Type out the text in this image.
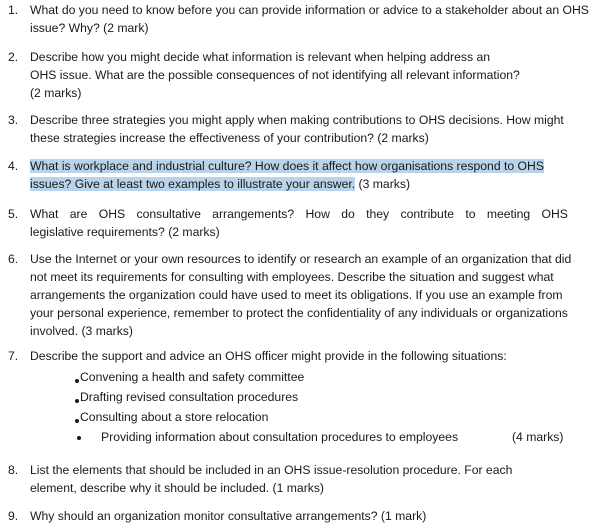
1. What do you need to know before you can provide information or advice to a stakeholder about an OHS
issue? Why? (2 mark)
2. Describe how you might decide what information is relevant when helping address an
OHS issue. What are the possible consequences of not identifying all relevant information?
(2 marks)
3. Describe three strategies you might apply when making contributions to OHS decisions. How might
these strategies increase the effectiveness of your contribution? (2 marks)
4. What is workplace and industrial culture? How does it affect how organisations respond to OHS
issues? Give at least two examples to illustrate your answer. (3 marks)
5. What are OHS consultative arrangements? How do they contribute to meeting OHS
legislative requirements? (2 marks)
6. Use the Internet or your own resources to identify or research an example of an organization that did
not meet its requirements for consulting with employees. Describe the situation and suggest what
arrangements the organization could have used to meet its obligations. If you use an example from
your personal experience, remember to protect the confidentiality of any individuals or organizations
involved. (3 marks)
7. Describe the support and advice an OHS officer might provide in the following situations:
Convening a health and safety committee
Drafting revised consultation procedures
Consulting about a store relocation
Providing information about consultation procedures to employees	(4 marks)
8. List the elements that should be included in an OHS issue-resolution procedure. For each
element, describe why it should be included. (1 marks)
9. Why should an organization monitor consultative arrangements? (1 mark)
